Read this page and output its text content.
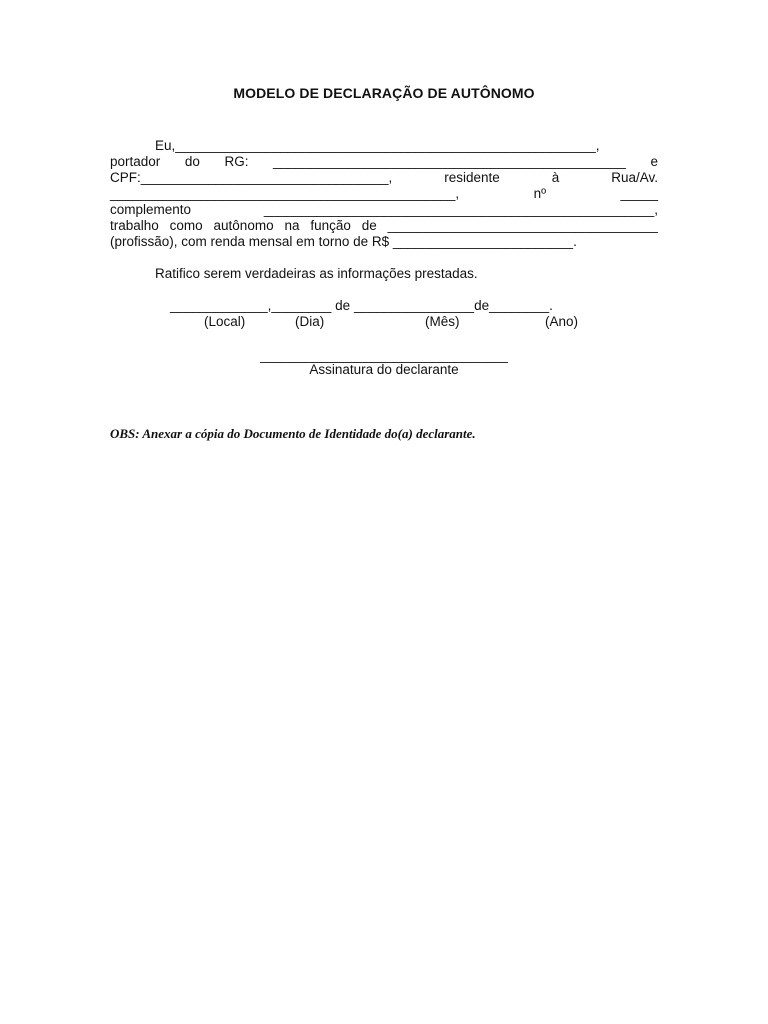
MODELO DE DECLARAÇÃO DE AUTÔNOMO
Eu,________________________________________________________,
portador do RG: _______________________________________________ e
CPF:_________________________________,	residente	à	Rua/Av.
______________________________________________,	nº	_____
complemento	____________________________________________________,
trabalho como autônomo na função de ____________________________________
(profissão), com renda mensal em torno de R$ ________________________.
Ratifico serem verdadeiras as informações prestadas.
_____________,________ de ________________de________.
(Local)	(Dia)	(Mês)	(Ano)
_________________________________
Assinatura do declarante
OBS: Anexar a cópia do Documento de Identidade do(a) declarante.
